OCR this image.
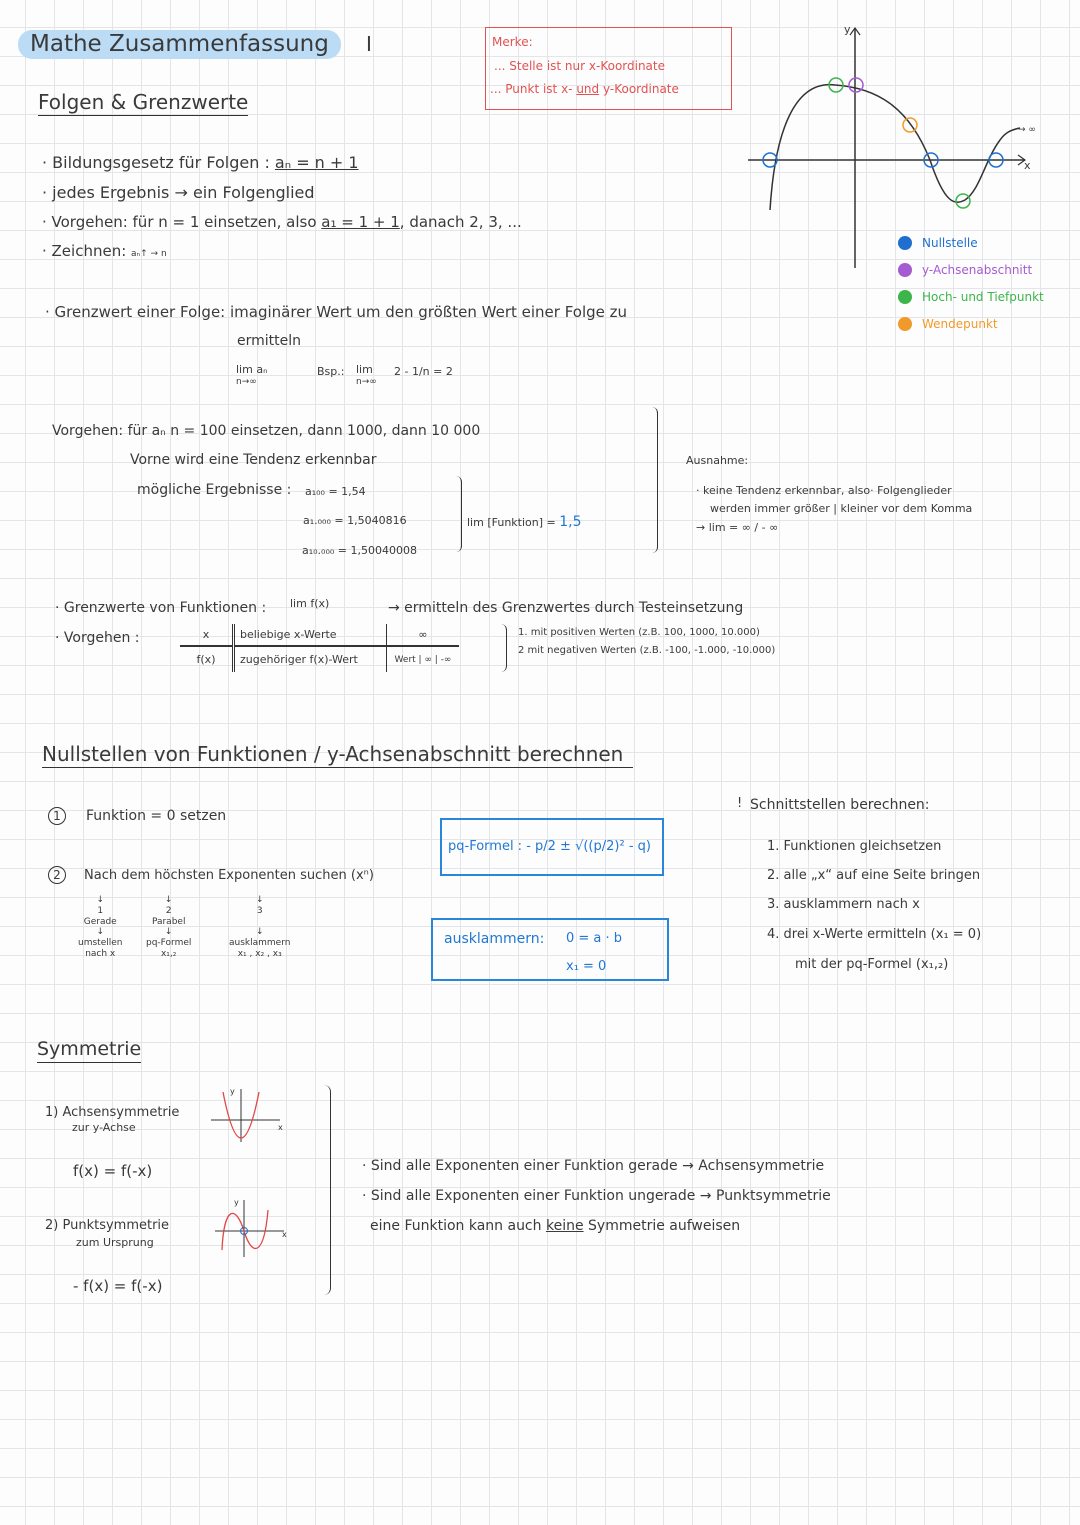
Mathe Zusammenfassung	I	Merke:
... Stelle ist nur x-Koordinate
... Punkt ist x- und y-Koordinate
y
x
→ ∞
Nullstelle
y-Achsenabschnitt
Hoch- und Tiefpunkt
Wendepunkt
Folgen & Grenzwerte
· Bildungsgesetz für Folgen : aₙ = n + 1
· jedes Ergebnis → ein Folgenglied
· Vorgehen: für n = 1 einsetzen, also a₁ = 1 + 1, danach 2, 3, ...
· Zeichnen: aₙ↑ → n
· Grenzwert einer Folge: imaginärer Wert um den größten Wert einer Folge zu
ermitteln
lim aₙ
n→∞
Bsp.: lim
n→∞
2 - 1/n = 2
Vorgehen: für aₙ n = 100 einsetzen, dann 1000, dann 10 000
Vorne wird eine Tendenz erkennbar
mögliche Ergebnisse : a₁₀₀ = 1,54
a₁.₀₀₀ = 1,5040816
a₁₀.₀₀₀ = 1,50040008
lim [Funktion] = 1,5
Ausnahme:
· keine Tendenz erkennbar, also· Folgenglieder
werden immer größer | kleiner vor dem Komma
→ lim = ∞ / - ∞
· Grenzwerte von Funktionen : lim f(x)	→ ermitteln des Grenzwertes durch Testeinsetzung
· Vorgehen :	x	beliebige x-Werte	∞
f(x)	zugehöriger f(x)-Wert	Wert | ∞ | -∞
1. mit positiven Werten (z.B. 100, 1000, 10.000)
2 mit negativen Werten (z.B. -100, -1.000, -10.000)
Nullstellen von Funktionen / y-Achsenabschnitt berechnen
1	Funktion = 0 setzen
2	Nach dem höchsten Exponenten suchen (xⁿ)
↓
1
Gerade
↓
umstellen
nach x
↓
2
Parabel
↓
pq-Formel
x₁,₂
↓
3

↓
ausklammern
x₁ , x₂ , x₃
pq-Formel : - p/2 ± √((p/2)² - q)
ausklammern: 0 = a · b
x₁ = 0
! Schnittstellen berechnen:
1. Funktionen gleichsetzen
2. alle „x“ auf eine Seite bringen
3. ausklammern nach x
4. drei x-Werte ermitteln (x₁ = 0)
mit der pq-Formel (x₁,₂)
Symmetrie
1) Achsensymmetrie
zur y-Achse
f(x) = f(-x)
y
x
2) Punktsymmetrie
zum Ursprung
- f(x) = f(-x)
y
x
· Sind alle Exponenten einer Funktion gerade → Achsensymmetrie
· Sind alle Exponenten einer Funktion ungerade → Punktsymmetrie
eine Funktion kann auch keine Symmetrie aufweisen
